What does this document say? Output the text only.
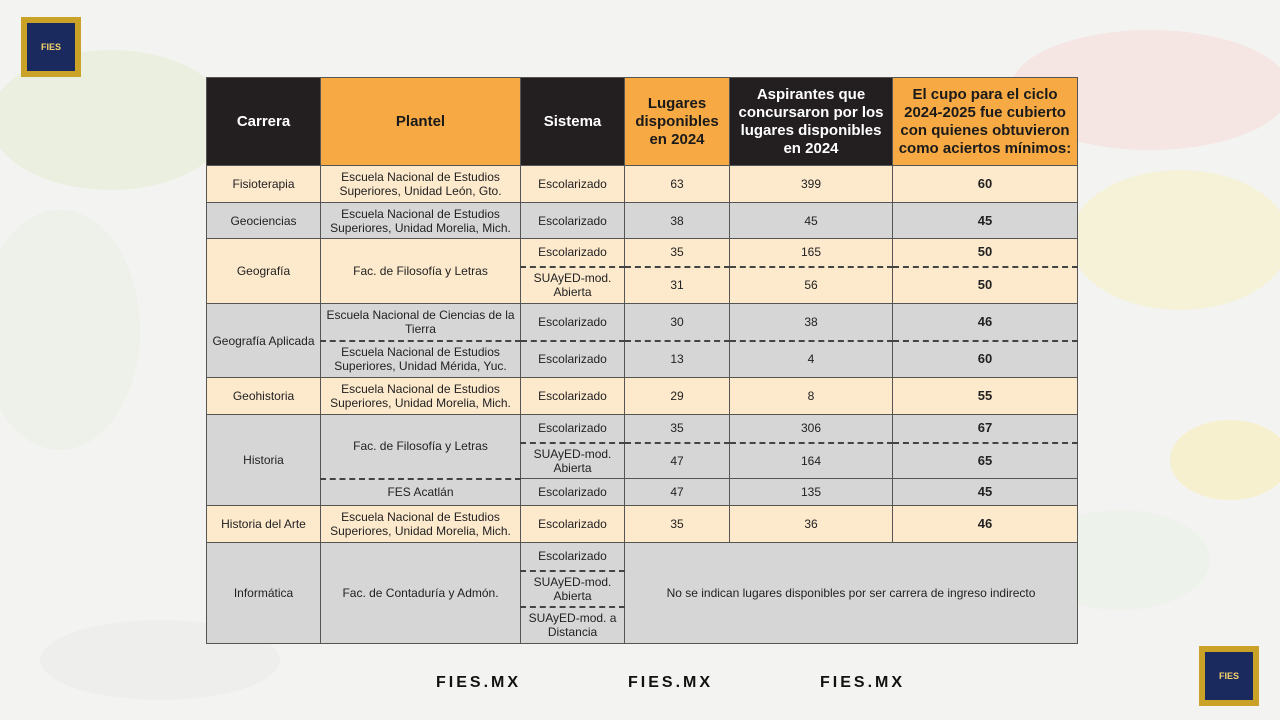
FIES
FIES
Carrera	Plantel	Sistema	Lugares disponibles en 2024	Aspirantes que concursaron por los lugares disponibles en 2024	El cupo para el ciclo 2024-2025 fue cubierto con quienes obtuvieron como aciertos mínimos:
Fisioterapia	Escuela Nacional de Estudios Superiores, Unidad León, Gto.	Escolarizado	63	399	60
Geociencias	Escuela Nacional de Estudios Superiores, Unidad Morelia, Mich.	Escolarizado	38	45	45
Geografía	Fac. de Filosofía y Letras	Escolarizado	35	165	50
		SUAyED-mod. Abierta	31	56	50
Geografía Aplicada	Escuela Nacional de Ciencias de la Tierra	Escolarizado	30	38	46
	Escuela Nacional de Estudios Superiores, Unidad Mérida, Yuc.	Escolarizado	13	4	60
Geohistoria	Escuela Nacional de Estudios Superiores, Unidad Morelia, Mich.	Escolarizado	29	8	55
Historia	Fac. de Filosofía y Letras	Escolarizado	35	306	67
		SUAyED-mod. Abierta	47	164	65
	FES Acatlán	Escolarizado	47	135	45
Historia del Arte	Escuela Nacional de Estudios Superiores, Unidad Morelia, Mich.	Escolarizado	35	36	46
Informática	Fac. de Contaduría y Admón.	Escolarizado	No se indican lugares disponibles por ser carrera de ingreso indirecto		
		SUAyED-mod. Abierta			
		SUAyED-mod. a Distancia			
FIES.MX	FIES.MX	FIES.MX
